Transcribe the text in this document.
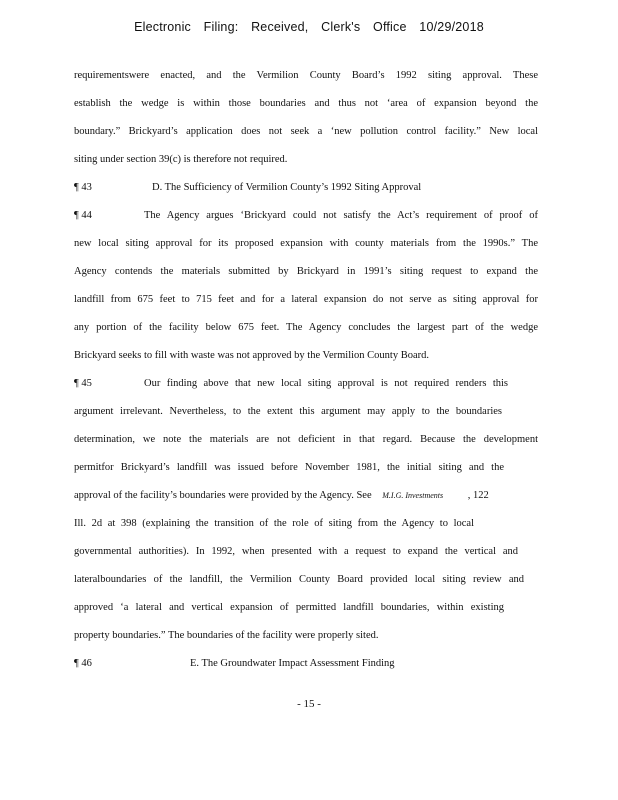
Electronic Filing: Received, Clerk's Office 10/29/2018
requirementswere enacted, and the Vermilion County Board’s 1992 siting approval. These
establish the wedge is within those boundaries and thus not ‘area of expansion beyond the
boundary.” Brickyard’s application does not seek a ‘new pollution control facility.” New local
siting under section 39(c) is therefore not required.
¶ 43	D. The Sufficiency of Vermilion County’s 1992 Siting Approval
¶ 44	The Agency argues ‘Brickyard could not satisfy the Act’s requirement of proof of
new local siting approval for its proposed expansion with county materials from the 1990s.” The
Agency contends the materials submitted by Brickyard in 1991’s siting request to expand the
landfill from 675 feet to 715 feet and for a lateral expansion do not serve as siting approval for
any portion of the facility below 675 feet. The Agency concludes the largest part of the wedge
Brickyard seeks to fill with waste was not approved by the Vermilion County Board.
¶ 45	Our finding above that new local siting approval is not required renders this
argument irrelevant. Nevertheless, to the extent this argument may apply to the boundaries
determination, we note the materials are not deficient in that regard. Because the development
permitfor Brickyard’s landfill was issued before November 1981, the initial siting and the
approval of the facility’s boundaries were provided by the Agency. See M.I.G. Investments , 122
Ill. 2d at 398 (explaining the transition of the role of siting from the Agency to local
governmental authorities). In 1992, when presented with a request to expand the vertical and
lateralboundaries of the landfill, the Vermilion County Board provided local siting review and
approved ‘a lateral and vertical expansion of permitted landfill boundaries, within existing
property boundaries.” The boundaries of the facility were properly sited.
¶ 46	E. The Groundwater Impact Assessment Finding
- 15 -
